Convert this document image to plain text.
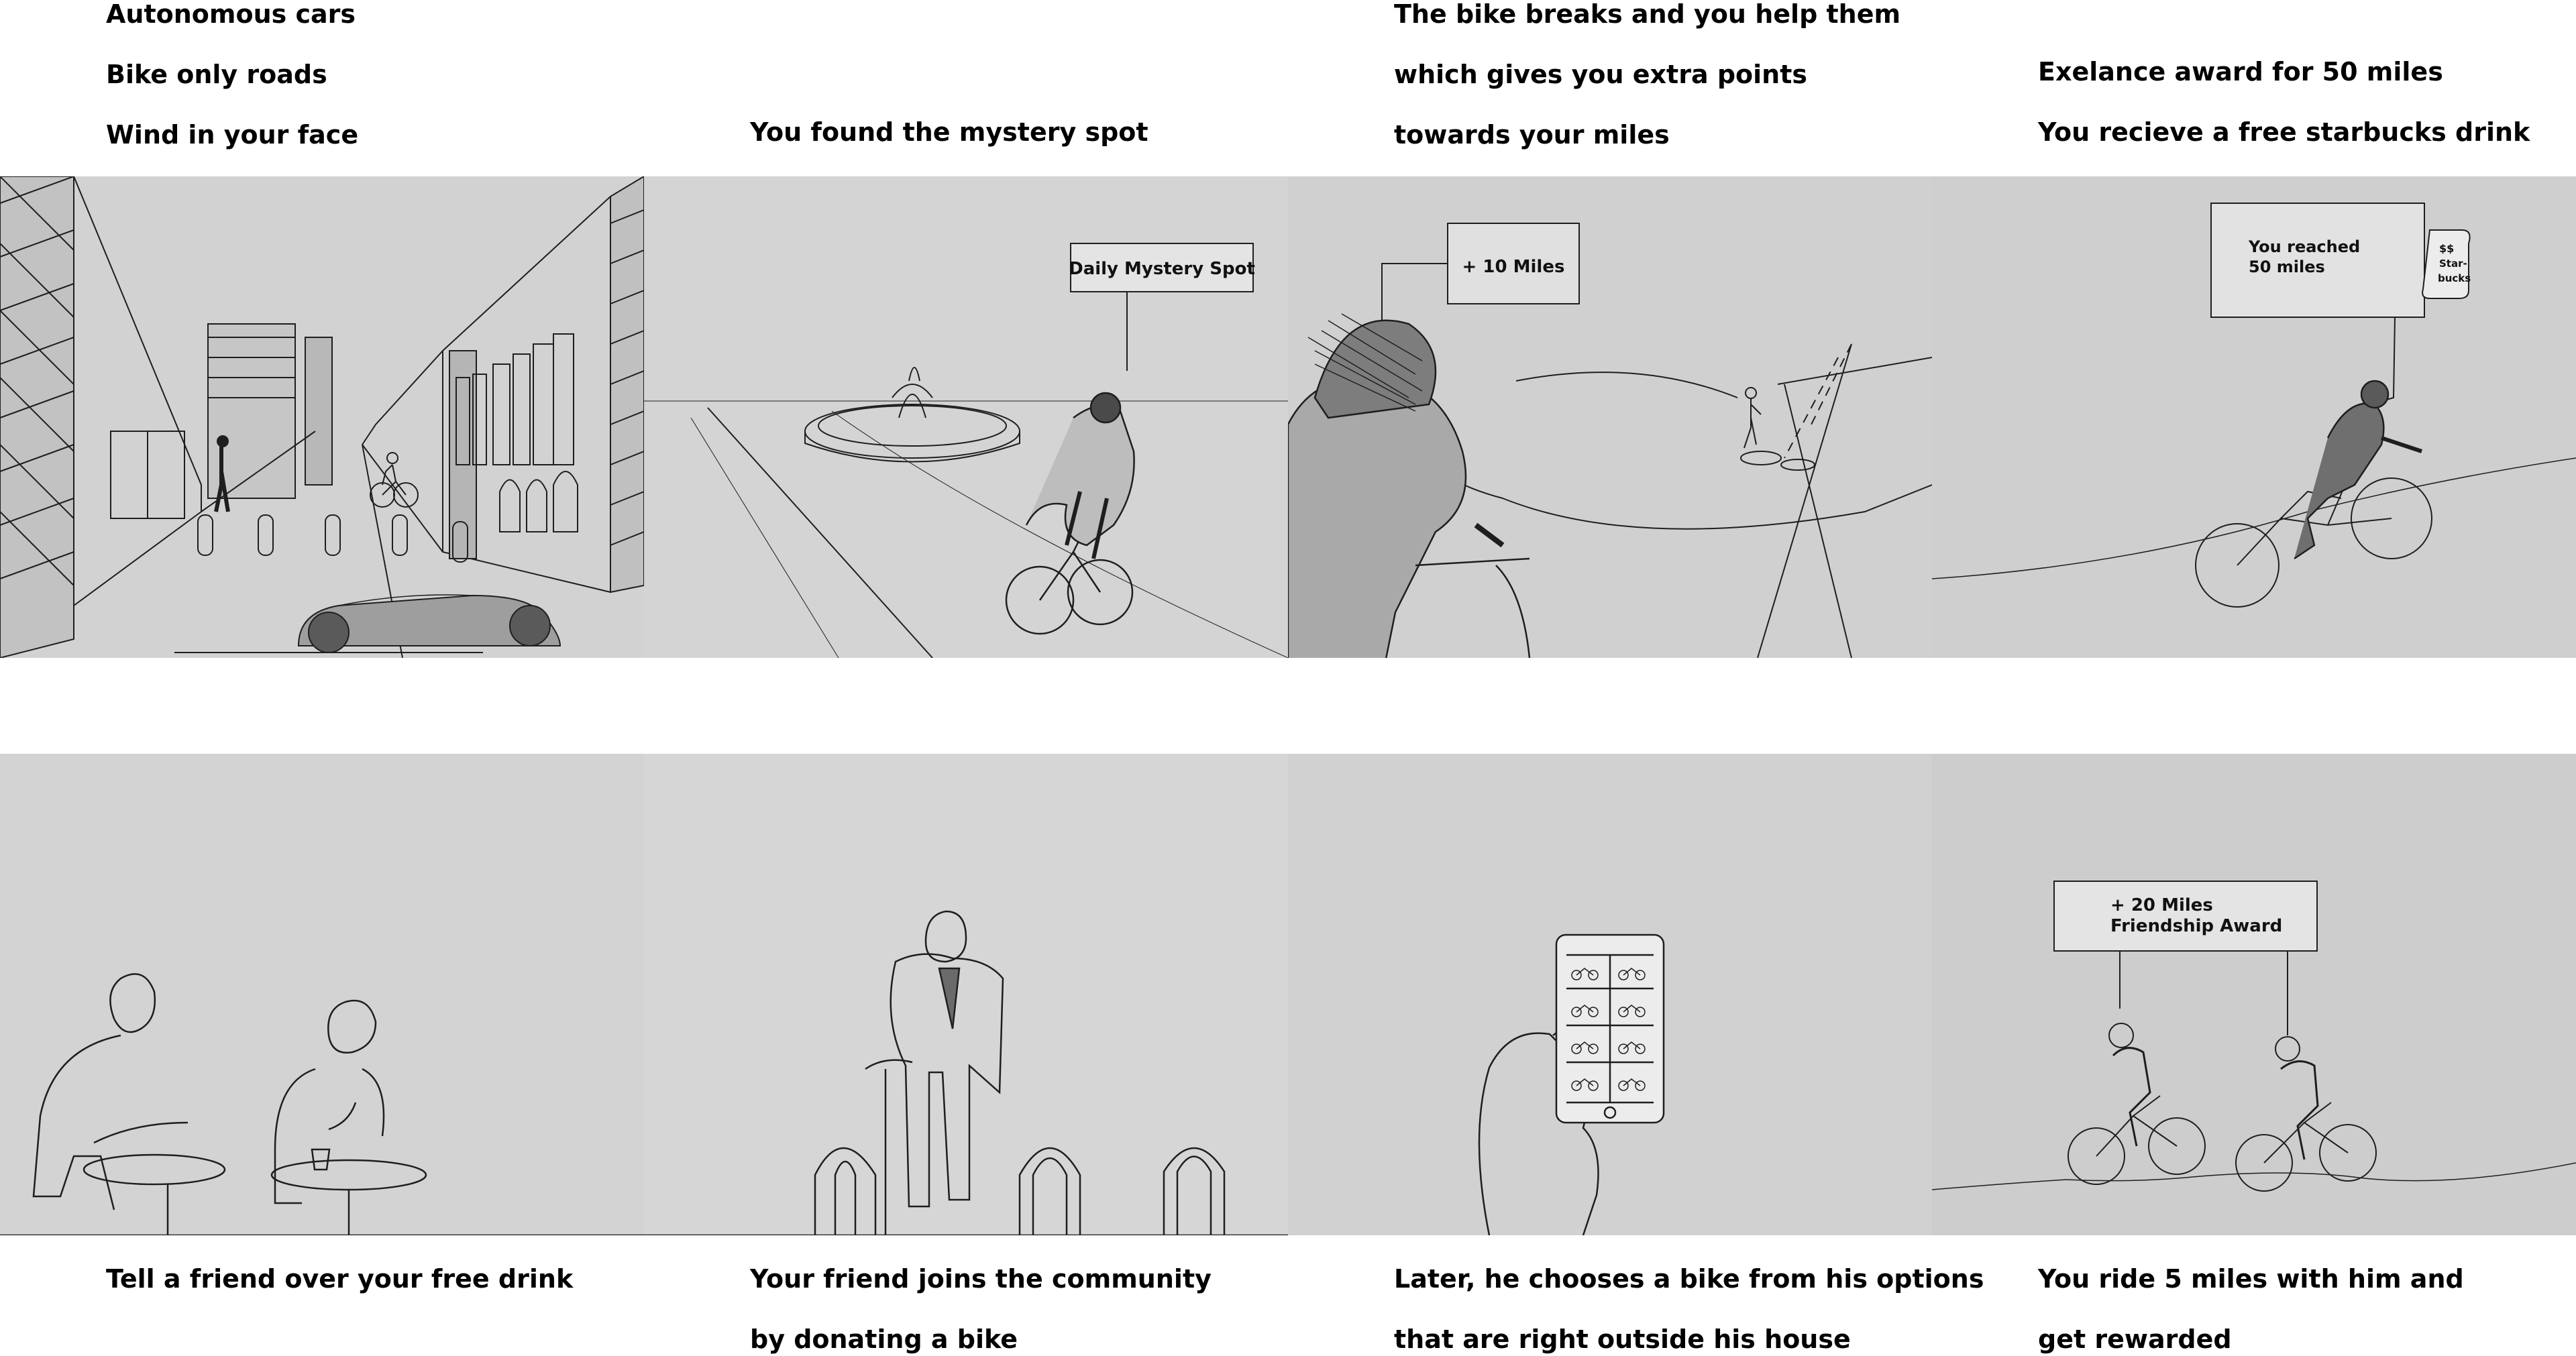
Autonomous cars
Bike only roads
Wind in your face	You found the mystery spot
The bike breaks and you help them
which gives you extra points
towards your miles
Exelance award for 50 miles
You recieve a free starbucks drink
Daily Mystery Spot	+ 10 Miles
You reached
50 miles
$$
Star-
bucks
+ 20 Miles
Friendship Award
Tell a friend over your free drink	Your friend joins the community
by donating a bike
Later, he chooses a bike from his options
that are right outside his house
You ride 5 miles with him and
get rewarded
